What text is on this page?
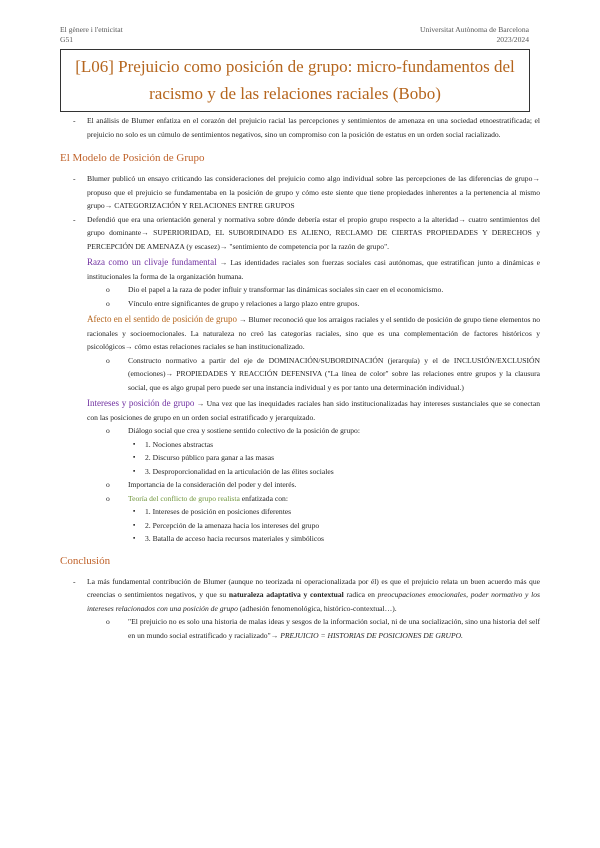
El gènere i l'etnicitat
G51
Universitat Autònoma de Barcelona
2023/2024
[L06] Prejuicio como posición de grupo: micro-fundamentos del
racismo y de las relaciones raciales (Bobo)
- El análisis de Blumer enfatiza en el corazón del prejuicio racial las percepciones y sentimientos de amenaza en una sociedad etnoestratificada; el prejuicio no solo es un cúmulo de sentimientos negativos, sino un compromiso con la posición de estatus en un orden social racializado.
El Modelo de Posición de Grupo
- Blumer publicó un ensayo criticando las consideraciones del prejuicio como algo individual sobre las percepciones de las diferencias de grupo→ propuso que el prejuicio se fundamentaba en la posición de grupo y cómo este siente que tiene propiedades inherentes a la pertenencia al mismo grupo→ CATEGORIZACIÓN Y RELACIONES ENTRE GRUPOS
- Defendió que era una orientación general y normativa sobre dónde debería estar el propio grupo respecto a la alteridad→ cuatro sentimientos del grupo dominante→ SUPERIORIDAD, EL SUBORDINADO ES ALIENO, RECLAMO DE CIERTAS PROPIEDADES Y DERECHOS y PERCEPCIÓN DE AMENAZA (y escasez)→ "sentimiento de competencia por la razón de grupo".
Raza como un clivaje fundamental → Las identidades raciales son fuerzas sociales casi autónomas, que estratifican junto a dinámicas e institucionales la forma de la organización humana.
o Dio el papel a la raza de poder influir y transformar las dinámicas sociales sin caer en el economicismo.
o Vínculo entre significantes de grupo y relaciones a largo plazo entre grupos.
Afecto en el sentido de posición de grupo → Blumer reconoció que los arraigos raciales y el sentido de posición de grupo tiene elementos no racionales y socioemocionales. La naturaleza no creó las categorías raciales, sino que es una complementación de factores históricos y psicológicos→ cómo estas relaciones raciales se han institucionalizado.
o Constructo normativo a partir del eje de DOMINACIÓN/SUBORDINACIÓN (jerarquía) y el de INCLUSIÓN/EXCLUSIÓN (emociones)→ PROPIEDADES Y REACCIÓN DEFENSIVA ("La línea de color" sobre las relaciones entre grupos y la clausura social, que es algo grupal pero puede ser una instancia individual y es por tanto una determinación individual.)
Intereses y posición de grupo → Una vez que las inequidades raciales han sido institucionalizadas hay intereses sustanciales que se conectan con las posiciones de grupo en un orden social estratificado y jerarquizado.
o Diálogo social que crea y sostiene sentido colectivo de la posición de grupo:
▪ 1. Nociones abstractas
▪ 2. Discurso público para ganar a las masas
▪ 3. Desproporcionalidad en la articulación de las élites sociales
o Importancia de la consideración del poder y del interés.
o Teoría del conflicto de grupo realista enfatizada con:
▪ 1. Intereses de posición en posiciones diferentes
▪ 2. Percepción de la amenaza hacia los intereses del grupo
▪ 3. Batalla de acceso hacia recursos materiales y simbólicos
Conclusión
- La más fundamental contribución de Blumer (aunque no teorizada ni operacionalizada por él) es que el prejuicio relata un buen acuerdo más que creencias o sentimientos negativos, y que su naturaleza adaptativa y contextual radica en preocupaciones emocionales, poder normativo y los intereses relacionados con una posición de grupo (adhesión fenomenológica, histórico-contextual…).
o "El prejuicio no es solo una historia de malas ideas y sesgos de la información social, ni de una socialización, sino una historia del self en un mundo social estratificado y racializado"→ PREJUICIO = HISTORIAS DE POSICIONES DE GRUPO.
